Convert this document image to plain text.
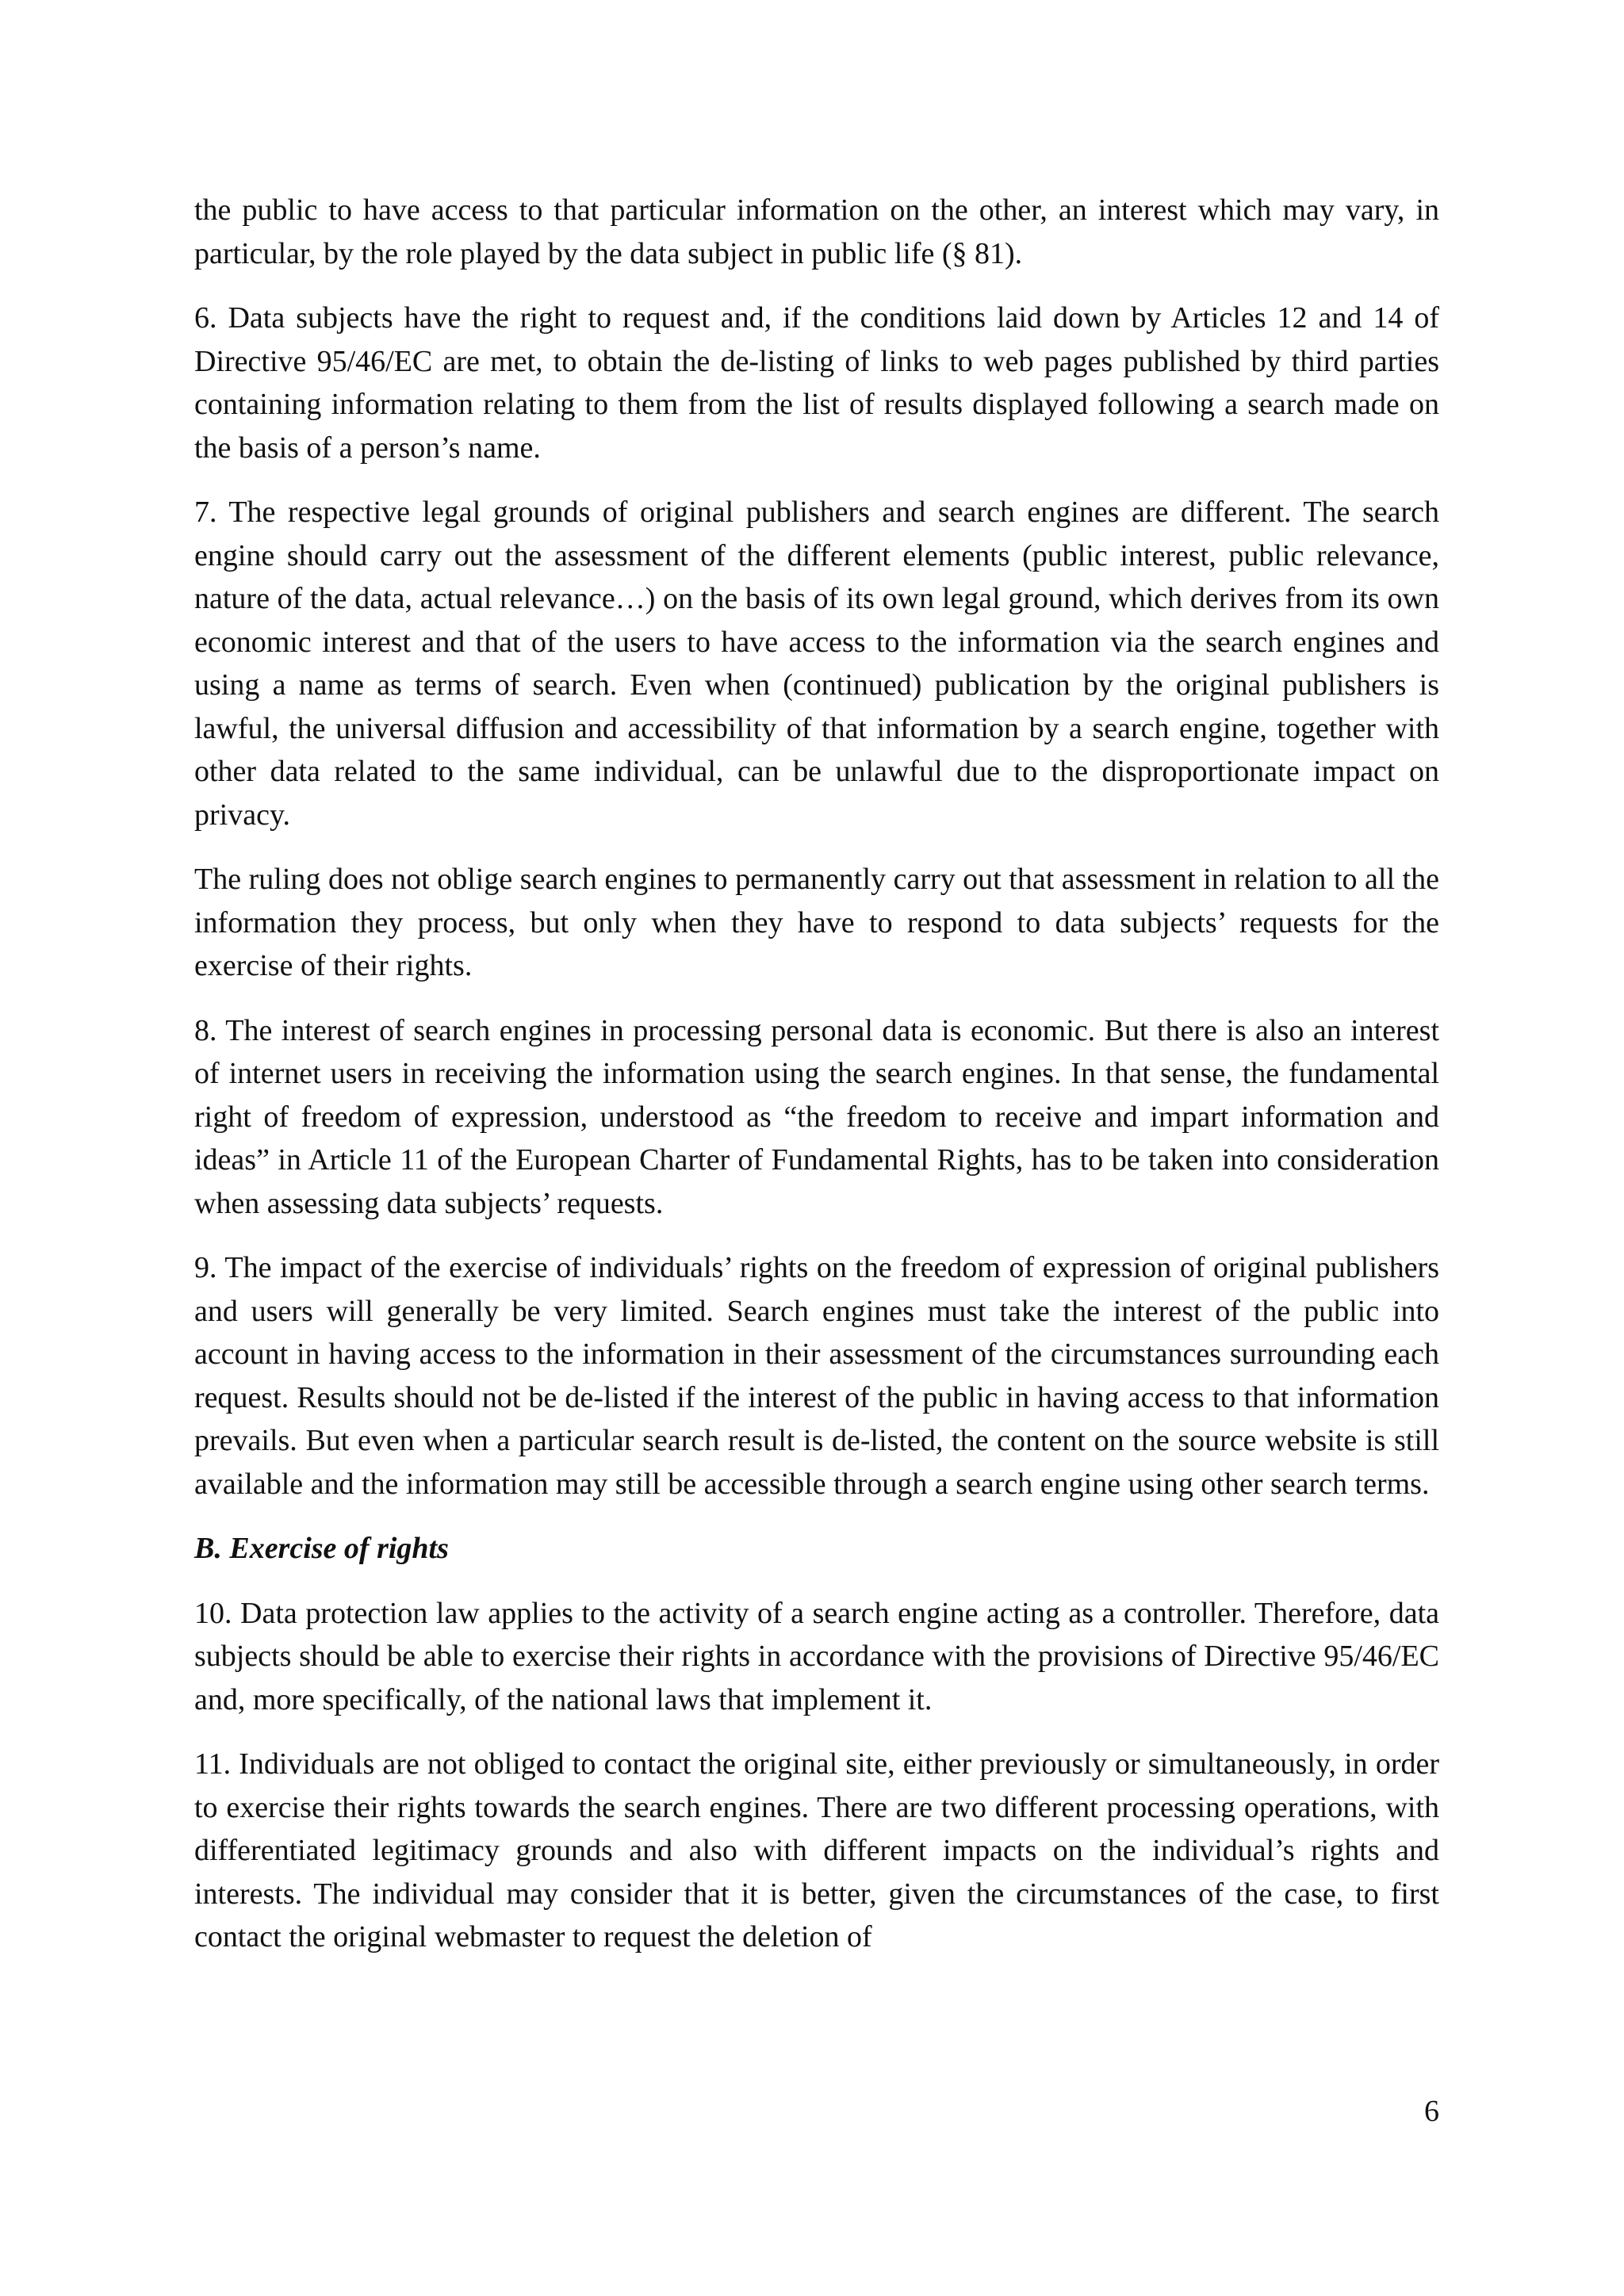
the public to have access to that particular information on the other, an interest which may vary, in particular, by the role played by the data subject in public life (§ 81).

6. Data subjects have the right to request and, if the conditions laid down by Articles 12 and 14 of Directive 95/46/EC are met, to obtain the de-listing of links to web pages published by third parties containing information relating to them from the list of results displayed following a search made on the basis of a person’s name.

7. The respective legal grounds of original publishers and search engines are different. The search engine should carry out the assessment of the different elements (public interest, public relevance, nature of the data, actual relevance…) on the basis of its own legal ground, which derives from its own economic interest and that of the users to have access to the information via the search engines and using a name as terms of search. Even when (continued) publication by the original publishers is lawful, the universal diffusion and accessibility of that information by a search engine, together with other data related to the same individual, can be unlawful due to the disproportionate impact on privacy.

The ruling does not oblige search engines to permanently carry out that assessment in relation to all the information they process, but only when they have to respond to data subjects’ requests for the exercise of their rights.

8. The interest of search engines in processing personal data is economic. But there is also an interest of internet users in receiving the information using the search engines. In that sense, the fundamental right of freedom of expression, understood as “the freedom to receive and impart information and ideas” in Article 11 of the European Charter of Fundamental Rights, has to be taken into consideration when assessing data subjects’ requests.

9. The impact of the exercise of individuals’ rights on the freedom of expression of original publishers and users will generally be very limited. Search engines must take the interest of the public into account in having access to the information in their assessment of the circumstances surrounding each request. Results should not be de-listed if the interest of the public in having access to that information prevails. But even when a particular search result is de-listed, the content on the source website is still available and the information may still be accessible through a search engine using other search terms.

B. Exercise of rights

10. Data protection law applies to the activity of a search engine acting as a controller. Therefore, data subjects should be able to exercise their rights in accordance with the provisions of Directive 95/46/EC and, more specifically, of the national laws that implement it.

11. Individuals are not obliged to contact the original site, either previously or simultaneously, in order to exercise their rights towards the search engines. There are two different processing operations, with differentiated legitimacy grounds and also with different impacts on the individual’s rights and interests. The individual may consider that it is better, given the circumstances of the case, to first contact the original webmaster to request the deletion of

6
